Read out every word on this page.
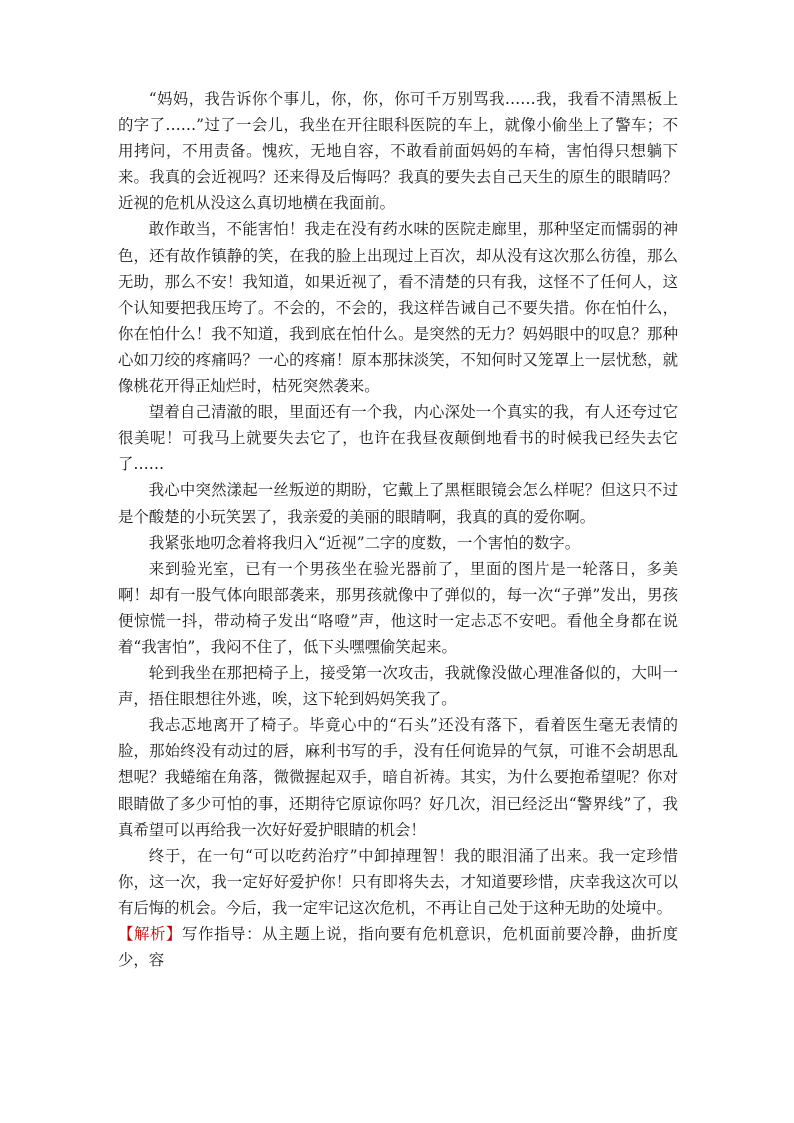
“妈妈，我告诉你个事儿，你，你，你可千万别骂我……我，我看不清黑板上的字了……”过了一会儿，我坐在开往眼科医院的车上，就像小偷坐上了警车；不用拷问，不用责备。愧疚，无地自容，不敢看前面妈妈的车椅，害怕得只想躺下来。我真的会近视吗？还来得及后悔吗？我真的要失去自己天生的原生的眼睛吗？近视的危机从没这么真切地横在我面前。

敢作敢当，不能害怕！我走在没有药水味的医院走廊里，那种坚定而懦弱的神色，还有故作镇静的笑，在我的脸上出现过上百次，却从没有这次那么彷徨，那么无助，那么不安！我知道，如果近视了，看不清楚的只有我，这怪不了任何人，这个认知要把我压垮了。不会的，不会的，我这样告诫自己不要失措。你在怕什么，你在怕什么！我不知道，我到底在怕什么。是突然的无力？妈妈眼中的叹息？那种心如刀绞的疼痛吗？一心的疼痛！原本那抹淡笑，不知何时又笼罩上一层忧愁，就像桃花开得正灿烂时，枯死突然袭来。

望着自己清澈的眼，里面还有一个我，内心深处一个真实的我，有人还夸过它很美呢！可我马上就要失去它了，也许在我昼夜颠倒地看书的时候我已经失去它了……

我心中突然漾起一丝叛逆的期盼，它戴上了黑框眼镜会怎么样呢？但这只不过是个酸楚的小玩笑罢了，我亲爱的美丽的眼睛啊，我真的真的爱你啊。

我紧张地叨念着将我归入“近视”二字的度数，一个害怕的数字。

来到验光室，已有一个男孩坐在验光器前了，里面的图片是一轮落日，多美啊！却有一股气体向眼部袭来，那男孩就像中了弹似的，每一次“子弹”发出，男孩便惊慌一抖，带动椅子发出“咯噔”声，他这时一定忐忑不安吧。看他全身都在说着“我害怕”，我闷不住了，低下头嘿嘿偷笑起来。

轮到我坐在那把椅子上，接受第一次攻击，我就像没做心理准备似的，大叫一声，捂住眼想往外逃，唉，这下轮到妈妈笑我了。

我忐忑地离开了椅子。毕竟心中的“石头”还没有落下，看着医生毫无表情的脸，那始终没有动过的唇，麻利书写的手，没有任何诡异的气氛，可谁不会胡思乱想呢？我蜷缩在角落，微微握起双手，暗自祈祷。其实，为什么要抱希望呢？你对眼睛做了多少可怕的事，还期待它原谅你吗？好几次，泪已经泛出“警界线”了，我真希望可以再给我一次好好爱护眼睛的机会！

终于，在一句“可以吃药治疗”中卸掉理智！我的眼泪涌了出来。我一定珍惜你，这一次，我一定好好爱护你！只有即将失去，才知道要珍惜，庆幸我这次可以有后悔的机会。今后，我一定牢记这次危机，不再让自己处于这种无助的处境中。

【解析】写作指导：从主题上说，指向要有危机意识，危机面前要冷静，曲折度少，容
